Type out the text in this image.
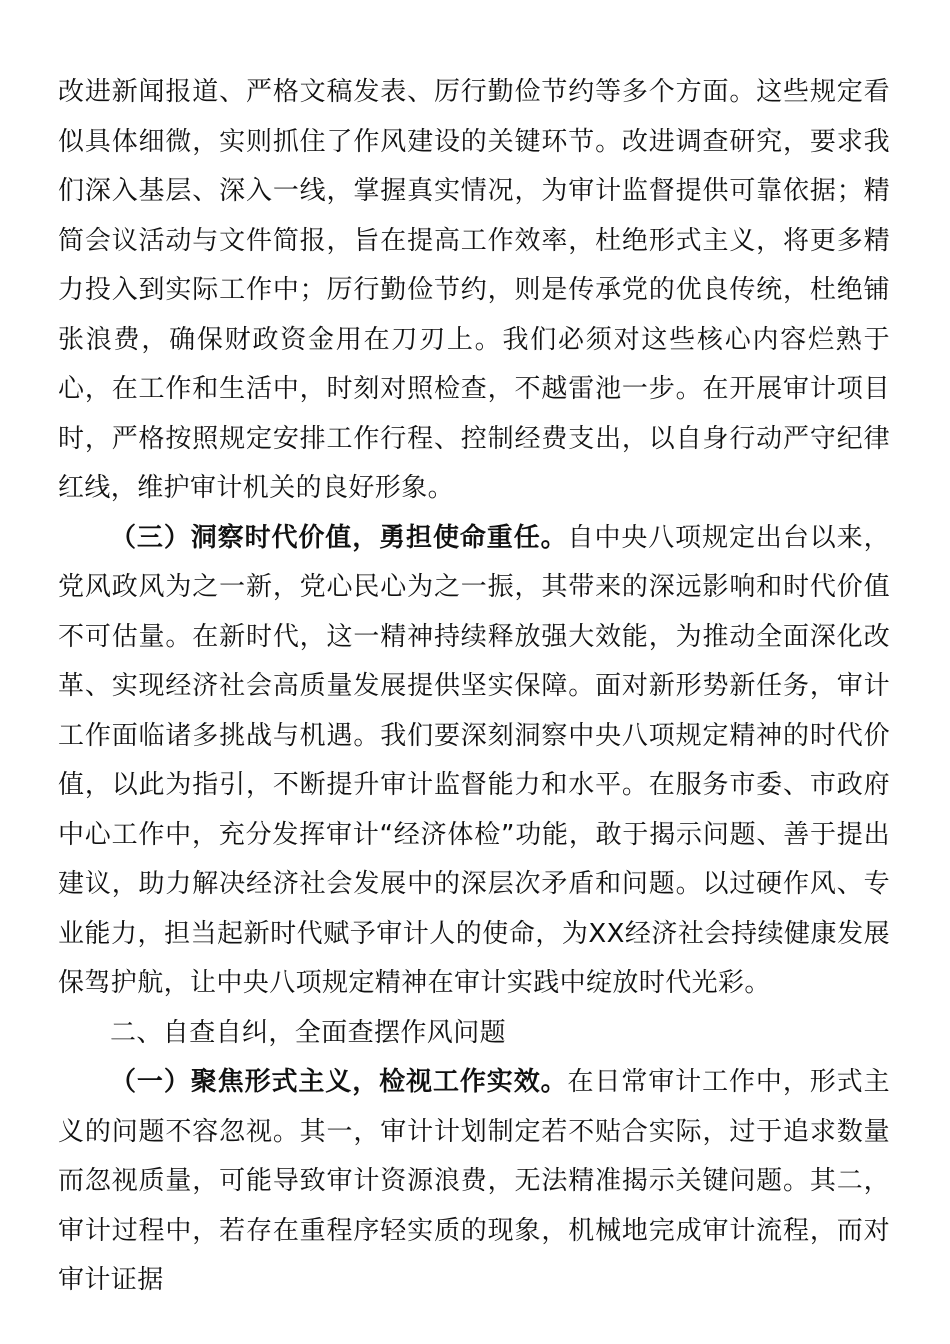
改进新闻报道、严格文稿发表、厉行勤俭节约等多个方面。这些规定看似具体细微，实则抓住了作风建设的关键环节。改进调查研究，要求我们深入基层、深入一线，掌握真实情况，为审计监督提供可靠依据；精简会议活动与文件简报，旨在提高工作效率，杜绝形式主义，将更多精力投入到实际工作中；厉行勤俭节约，则是传承党的优良传统，杜绝铺张浪费，确保财政资金用在刀刃上。我们必须对这些核心内容烂熟于心，在工作和生活中，时刻对照检查，不越雷池一步。在开展审计项目时，严格按照规定安排工作行程、控制经费支出，以自身行动严守纪律红线，维护审计机关的良好形象。

（三）洞察时代价值，勇担使命重任。自中央八项规定出台以来，党风政风为之一新，党心民心为之一振，其带来的深远影响和时代价值不可估量。在新时代，这一精神持续释放强大效能，为推动全面深化改革、实现经济社会高质量发展提供坚实保障。面对新形势新任务，审计工作面临诸多挑战与机遇。我们要深刻洞察中央八项规定精神的时代价值，以此为指引，不断提升审计监督能力和水平。在服务市委、市政府中心工作中，充分发挥审计“经济体检”功能，敢于揭示问题、善于提出建议，助力解决经济社会发展中的深层次矛盾和问题。以过硬作风、专业能力，担当起新时代赋予审计人的使命，为XX经济社会持续健康发展保驾护航，让中央八项规定精神在审计实践中绽放时代光彩。

二、自查自纠，全面查摆作风问题

（一）聚焦形式主义，检视工作实效。在日常审计工作中，形式主义的问题不容忽视。其一，审计计划制定若不贴合实际，过于追求数量而忽视质量，可能导致审计资源浪费，无法精准揭示关键问题。其二，审计过程中，若存在重程序轻实质的现象，机械地完成审计流程，而对审计证据
